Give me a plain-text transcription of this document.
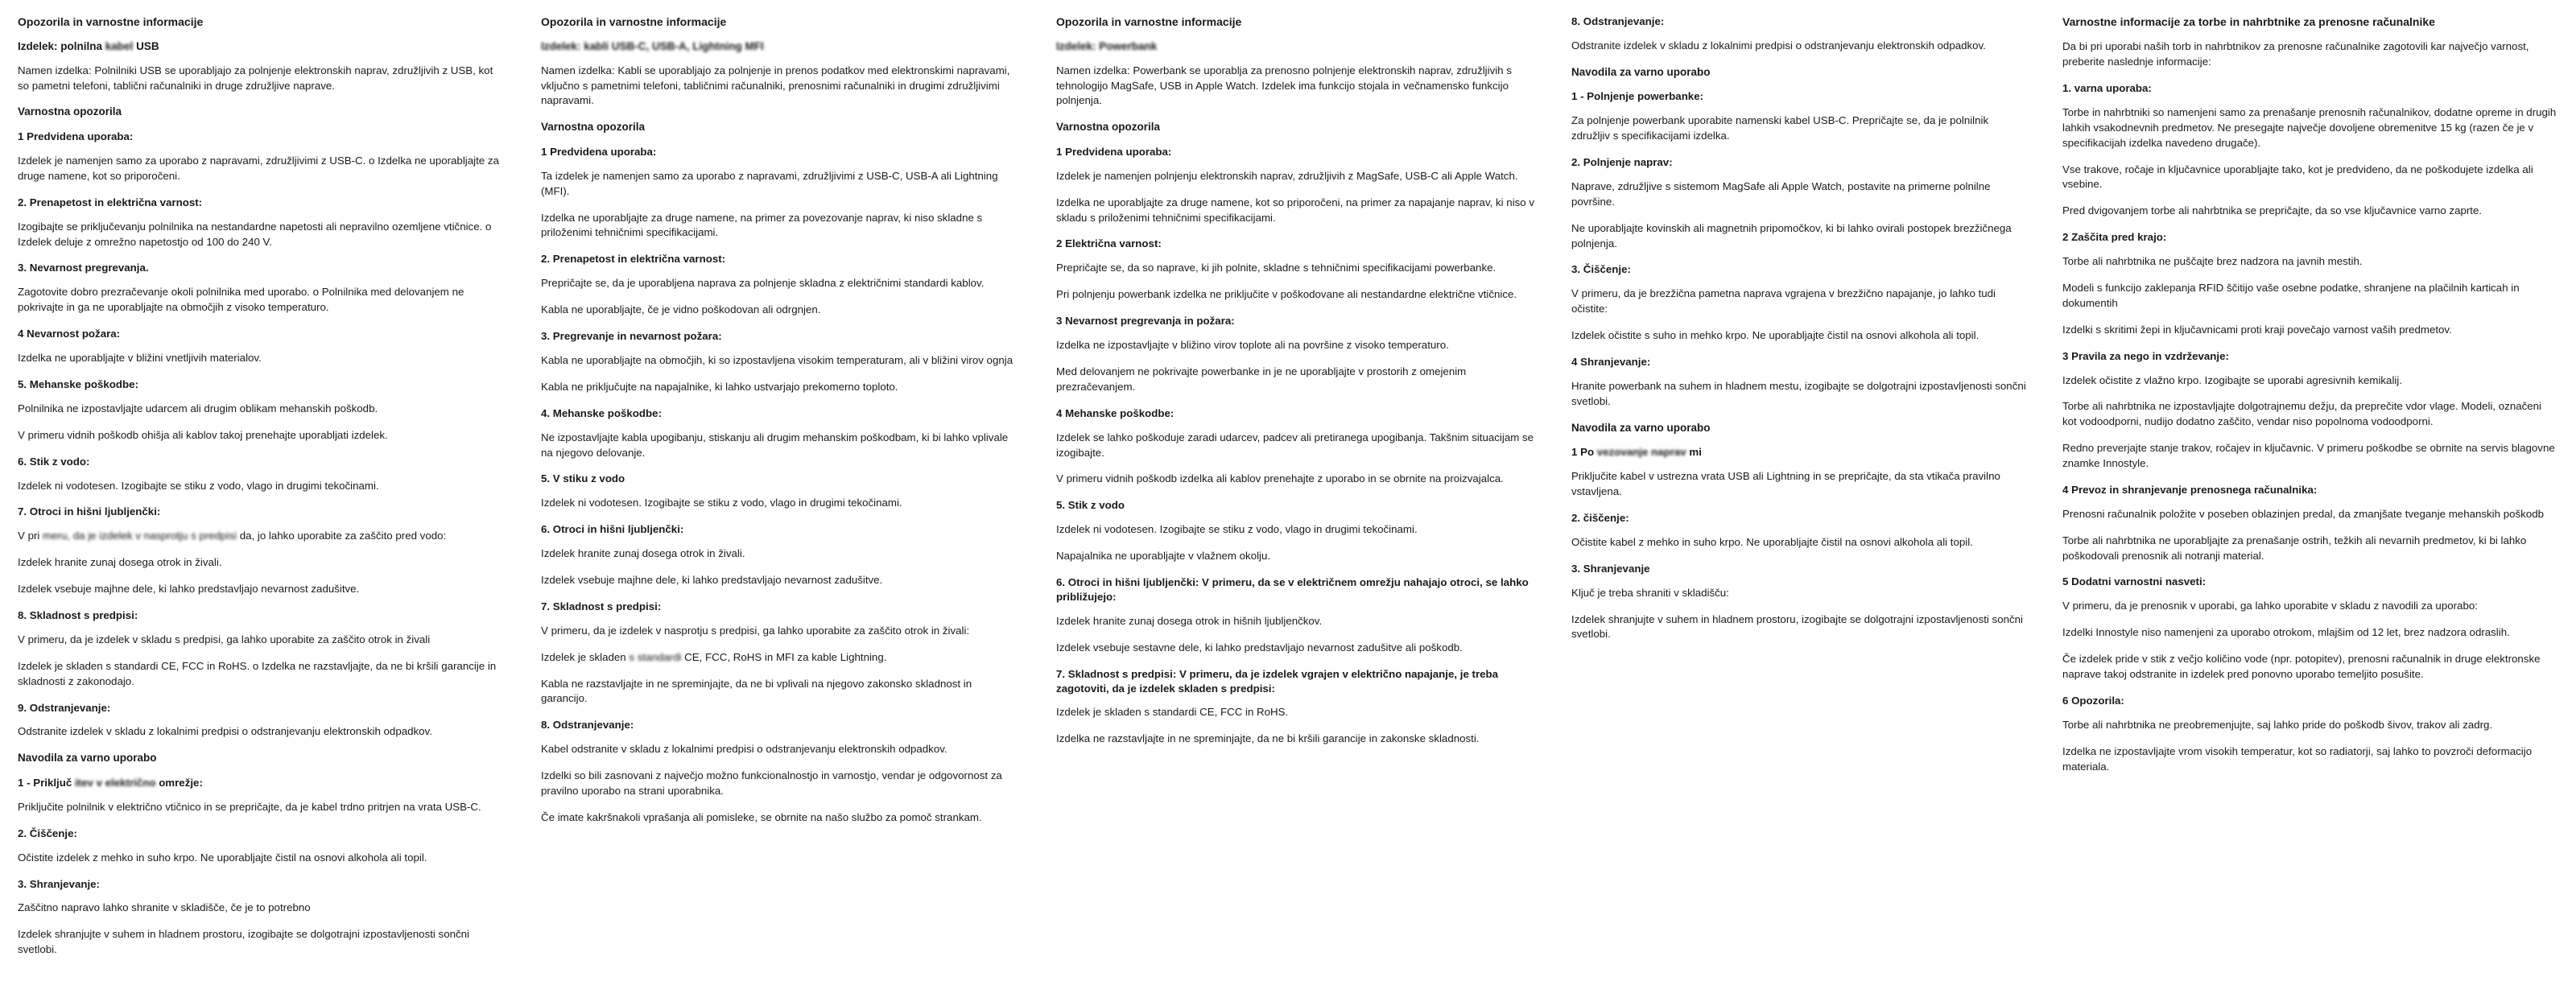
Opozorila in varnostne informacije
Izdelek: polnilna kabel USB
Namen izdelka: Polnilniki USB se uporabljajo za polnjenje elektronskih naprav, združljivih z USB, kot so pametni telefoni, tablični računalniki in druge združljive naprave.
Varnostna opozorila
1 Predvidena uporaba:
Izdelek je namenjen samo za uporabo z napravami, združljivimi z USB-C. o Izdelka ne uporabljajte za druge namene, kot so priporočeni.
2. Prenapetost in električna varnost:
Izogibajte se priključevanju polnilnika na nestandardne napetosti ali nepravilno ozemljene vtičnice. o Izdelek deluje z omrežno napetostjo od 100 do 240 V.
3. Nevarnost pregrevanja.
Zagotovite dobro prezračevanje okoli polnilnika med uporabo. o Polnilnika med delovanjem ne pokrivajte in ga ne uporabljajte na območjih z visoko temperaturo.
4 Nevarnost požara:
Izdelka ne uporabljajte v bližini vnetljivih materialov.
5. Mehanske poškodbe:
Polnilnika ne izpostavljajte udarcem ali drugim oblikam mehanskih poškodb.
V primeru vidnih poškodb ohišja ali kablov takoj prenehajte uporabljati izdelek.
6. Stik z vodo:
Izdelek ni vodotesen. Izogibajte se stiku z vodo, vlago in drugimi tekočinami.
7. Otroci in hišni ljubljenčki:
V pri meru, da je izdelek v nasprotju s predpisi da, jo lahko uporabite za zaščito pred vodo:
Izdelek hranite zunaj dosega otrok in živali.
Izdelek vsebuje majhne dele, ki lahko predstavljajo nevarnost zadušitve.
8. Skladnost s predpisi:
V primeru, da je izdelek v skladu s predpisi, ga lahko uporabite za zaščito otrok in živali
Izdelek je skladen s standardi CE, FCC in RoHS. o Izdelka ne razstavljajte, da ne bi kršili garancije in skladnosti z zakonodajo.
9. Odstranjevanje:
Odstranite izdelek v skladu z lokalnimi predpisi o odstranjevanju elektronskih odpadkov.
Navodila za varno uporabo
1 - Priključ itev v električno omrežje:
Priključite polnilnik v električno vtičnico in se prepričajte, da je kabel trdno pritrjen na vrata USB-C.
2. Čiščenje:
Očistite izdelek z mehko in suho krpo. Ne uporabljajte čistil na osnovi alkohola ali topil.
3. Shranjevanje:
Zaščitno napravo lahko shranite v skladišče, če je to potrebno
Izdelek shranjujte v suhem in hladnem prostoru, izogibajte se dolgotrajni izpostavljenosti sončni svetlobi.
Opozorila in varnostne informacije
Izdelek: kabli USB-C, USB-A, Lightning MFI
Namen izdelka: Kabli se uporabljajo za polnjenje in prenos podatkov med elektronskimi napravami, vključno s pametnimi telefoni, tabličnimi računalniki, prenosnimi računalniki in drugimi združljivimi napravami.
Varnostna opozorila
1 Predvidena uporaba:
Ta izdelek je namenjen samo za uporabo z napravami, združljivimi z USB-C, USB-A ali Lightning (MFI).
Izdelka ne uporabljajte za druge namene, na primer za povezovanje naprav, ki niso skladne s priloženimi tehničnimi specifikacijami.
2. Prenapetost in električna varnost:
Prepričajte se, da je uporabljena naprava za polnjenje skladna z električnimi standardi kablov.
Kabla ne uporabljajte, če je vidno poškodovan ali odrgnjen.
3. Pregrevanje in nevarnost požara:
Kabla ne uporabljajte na območjih, ki so izpostavljena visokim temperaturam, ali v bližini virov ognja
Kabla ne priključujte na napajalnike, ki lahko ustvarjajo prekomerno toploto.
4. Mehanske poškodbe:
Ne izpostavljajte kabla upogibanju, stiskanju ali drugim mehanskim poškodbam, ki bi lahko vplivale na njegovo delovanje.
5. V stiku z vodo
Izdelek ni vodotesen. Izogibajte se stiku z vodo, vlago in drugimi tekočinami.
6. Otroci in hišni ljubljenčki:
Izdelek hranite zunaj dosega otrok in živali.
Izdelek vsebuje majhne dele, ki lahko predstavljajo nevarnost zadušitve.
7. Skladnost s predpisi:
V primeru, da je izdelek v nasprotju s predpisi, ga lahko uporabite za zaščito otrok in živali:
Izdelek je skladen s standardi CE, FCC, RoHS in MFI za kable Lightning.
Kabla ne razstavljajte in ne spreminjajte, da ne bi vplivali na njegovo zakonsko skladnost in garancijo.
8. Odstranjevanje:
Kabel odstranite v skladu z lokalnimi predpisi o odstranjevanju elektronskih odpadkov.
Izdelki so bili zasnovani z največjo možno funkcionalnostjo in varnostjo, vendar je odgovornost za pravilno uporabo na strani uporabnika.
Če imate kakršnakoli vprašanja ali pomisleke, se obrnite na našo službo za pomoč strankam.
Opozorila in varnostne informacije
Izdelek: Powerbank
Namen izdelka: Powerbank se uporablja za prenosno polnjenje elektronskih naprav, združljivih s tehnologijo MagSafe, USB in Apple Watch. Izdelek ima funkcijo stojala in večnamensko funkcijo polnjenja.
Varnostna opozorila
1 Predvidena uporaba:
Izdelek je namenjen polnjenju elektronskih naprav, združljivih z MagSafe, USB-C ali Apple Watch.
Izdelka ne uporabljajte za druge namene, kot so priporočeni, na primer za napajanje naprav, ki niso v skladu s priloženimi tehničnimi specifikacijami.
2 Električna varnost:
Prepričajte se, da so naprave, ki jih polnite, skladne s tehničnimi specifikacijami powerbanke.
Pri polnjenju powerbank izdelka ne priključite v poškodovane ali nestandardne električne vtičnice.
3 Nevarnost pregrevanja in požara:
Izdelka ne izpostavljajte v bližino virov toplote ali na površine z visoko temperaturo.
Med delovanjem ne pokrivajte powerbanke in je ne uporabljajte v prostorih z omejenim prezračevanjem.
4 Mehanske poškodbe:
Izdelek se lahko poškoduje zaradi udarcev, padcev ali pretiranega upogibanja. Takšnim situacijam se izogibajte.
V primeru vidnih poškodb izdelka ali kablov prenehajte z uporabo in se obrnite na proizvajalca.
5. Stik z vodo
Izdelek ni vodotesen. Izogibajte se stiku z vodo, vlago in drugimi tekočinami.
Napajalnika ne uporabljajte v vlažnem okolju.
6. Otroci in hišni ljubljenčki: V primeru, da se v električnem omrežju nahajajo otroci, se lahko približujejo:
Izdelek hranite zunaj dosega otrok in hišnih ljubljenčkov.
Izdelek vsebuje sestavne dele, ki lahko predstavljajo nevarnost zadušitve ali poškodb.
7. Skladnost s predpisi: V primeru, da je izdelek vgrajen v električno napajanje, je treba zagotoviti, da je izdelek skladen s predpisi:
Izdelek je skladen s standardi CE, FCC in RoHS.
Izdelka ne razstavljajte in ne spreminjajte, da ne bi kršili garancije in zakonske skladnosti.
8. Odstranjevanje:
Odstranite izdelek v skladu z lokalnimi predpisi o odstranjevanju elektronskih odpadkov.
Navodila za varno uporabo
1 - Polnjenje powerbanke:
Za polnjenje powerbank uporabite namenski kabel USB-C. Prepričajte se, da je polnilnik združljiv s specifikacijami izdelka.
2. Polnjenje naprav:
Naprave, združljive s sistemom MagSafe ali Apple Watch, postavite na primerne polnilne površine.
Ne uporabljajte kovinskih ali magnetnih pripomočkov, ki bi lahko ovirali postopek brezžičnega polnjenja.
3. Čiščenje:
V primeru, da je brezžična pametna naprava vgrajena v brezžično napajanje, jo lahko tudi očistite:
Izdelek očistite s suho in mehko krpo. Ne uporabljajte čistil na osnovi alkohola ali topil.
4 Shranjevanje:
Hranite powerbank na suhem in hladnem mestu, izogibajte se dolgotrajni izpostavljenosti sončni svetlobi.
Navodila za varno uporabo
1 Po vezovanje naprav mi
Priključite kabel v ustrezna vrata USB ali Lightning in se prepričajte, da sta vtikača pravilno vstavljena.
2. čiščenje:
Očistite kabel z mehko in suho krpo. Ne uporabljajte čistil na osnovi alkohola ali topil.
3. Shranjevanje
Ključ je treba shraniti v skladišču:
Izdelek shranjujte v suhem in hladnem prostoru, izogibajte se dolgotrajni izpostavljenosti sončni svetlobi.
Varnostne informacije za torbe in nahrbtnike za prenosne računalnike
Da bi pri uporabi naših torb in nahrbtnikov za prenosne računalnike zagotovili kar največjo varnost, preberite naslednje informacije:
1. varna uporaba:
Torbe in nahrbtniki so namenjeni samo za prenašanje prenosnih računalnikov, dodatne opreme in drugih lahkih vsakodnevnih predmetov. Ne presegajte največje dovoljene obremenitve 15 kg (razen če je v specifikacijah izdelka navedeno drugače).
Vse trakove, ročaje in ključavnice uporabljajte tako, kot je predvideno, da ne poškodujete izdelka ali vsebine.
Pred dvigovanjem torbe ali nahrbtnika se prepričajte, da so vse ključavnice varno zaprte.
2 Zaščita pred krajo:
Torbe ali nahrbtnika ne puščajte brez nadzora na javnih mestih.
Modeli s funkcijo zaklepanja RFID ščitijo vaše osebne podatke, shranjene na plačilnih karticah in dokumentih
Izdelki s skritimi žepi in ključavnicami proti kraji povečajo varnost vaših predmetov.
3 Pravila za nego in vzdrževanje:
Izdelek očistite z vlažno krpo. Izogibajte se uporabi agresivnih kemikalij.
Torbe ali nahrbtnika ne izpostavljajte dolgotrajnemu dežju, da preprečite vdor vlage. Modeli, označeni kot vodoodporni, nudijo dodatno zaščito, vendar niso popolnoma vodoodporni.
Redno preverjajte stanje trakov, ročajev in ključavnic. V primeru poškodbe se obrnite na servis blagovne znamke Innostyle.
4 Prevoz in shranjevanje prenosnega računalnika:
Prenosni računalnik položite v poseben oblazinjen predal, da zmanjšate tveganje mehanskih poškodb
Torbe ali nahrbtnika ne uporabljajte za prenašanje ostrih, težkih ali nevarnih predmetov, ki bi lahko poškodovali prenosnik ali notranji material.
5 Dodatni varnostni nasveti:
V primeru, da je prenosnik v uporabi, ga lahko uporabite v skladu z navodili za uporabo:
Izdelki Innostyle niso namenjeni za uporabo otrokom, mlajšim od 12 let, brez nadzora odraslih.
Če izdelek pride v stik z večjo količino vode (npr. potopitev), prenosni računalnik in druge elektronske naprave takoj odstranite in izdelek pred ponovno uporabo temeljito posušite.
6 Opozorila:
Torbe ali nahrbtnika ne preobremenjujte, saj lahko pride do poškodb šivov, trakov ali zadrg.
Izdelka ne izpostavljajte vrom visokih temperatur, kot so radiatorji, saj lahko to povzroči deformacijo materiala.
